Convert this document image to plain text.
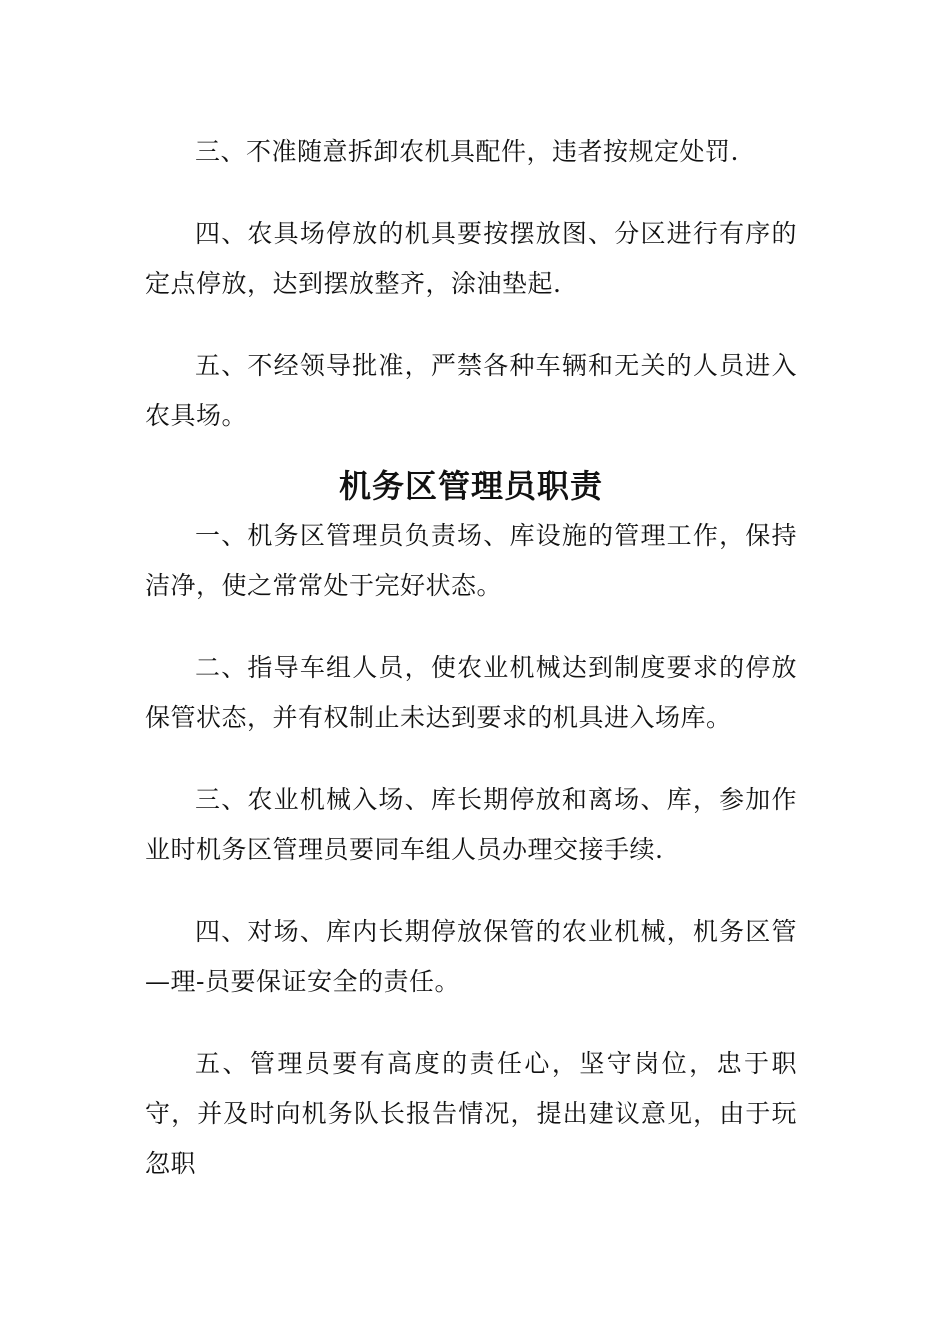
三、不准随意拆卸农机具配件，违者按规定处罚.

四、农具场停放的机具要按摆放图、分区进行有序的定点停放，达到摆放整齐，涂油垫起.

五、不经领导批准，严禁各种车辆和无关的人员进入农具场。

机务区管理员职责

一、机务区管理员负责场、库设施的管理工作，保持洁净，使之常常处于完好状态。

二、指导车组人员，使农业机械达到制度要求的停放保管状态，并有权制止未达到要求的机具进入场库。

三、农业机械入场、库长期停放和离场、库，参加作业时机务区管理员要同车组人员办理交接手续.

四、对场、库内长期停放保管的农业机械，机务区管—理-员要保证安全的责任。

五、管理员要有高度的责任心，坚守岗位，忠于职守，并及时向机务队长报告情况，提出建议意见，由于玩忽职
